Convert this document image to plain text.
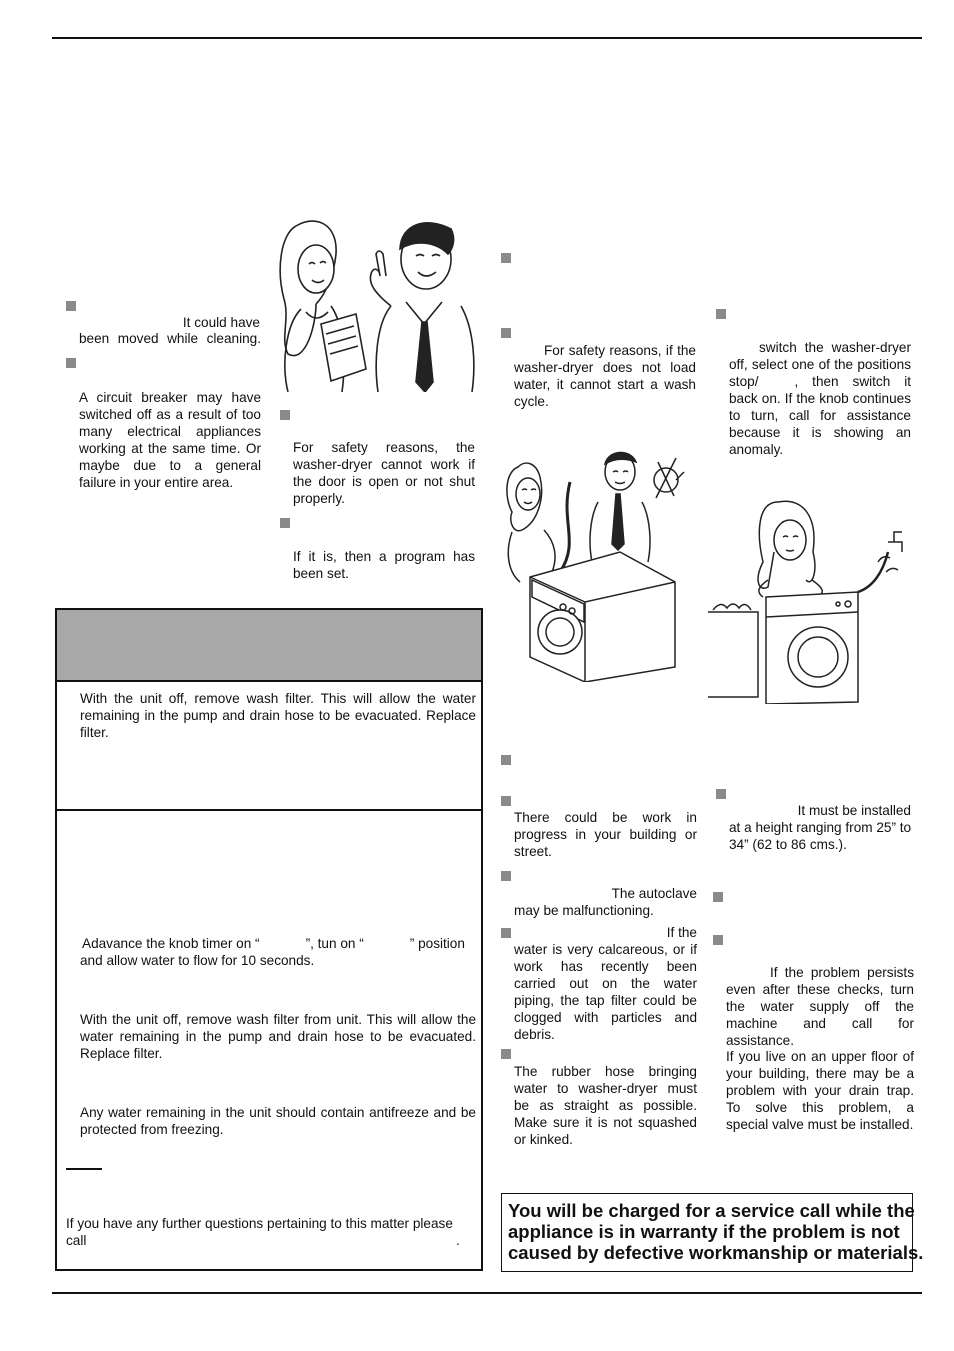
It could have
been moved while cleaning.
A circuit breaker may have switched off as a result of too many electrical appliances working at the same time. Or maybe due to a general failure in your entire area.
For safety reasons, the washer-dryer cannot work if the door is open or not shut properly.
If it is, then a program has been set.
With the unit off, remove wash filter. This will allow the water remaining in the pump and drain hose to be evacuated. Replace filter.
Adavance the knob timer on “	”, tun on “	” position
and allow water to flow for 10 seconds.
With the unit off, remove wash filter from unit. This will allow the water remaining in the pump and drain hose to be evacuated. Replace filter.
Any water remaining in the unit should contain antifreeze and be protected from freezing.
If you have any further questions pertaining to this matter please
call	.
For safety reasons, if the washer-dryer does not load water, it cannot start a wash cycle.
switch the washer-dryer off, select one of the positions stop/	, then switch it back on. If the knob continues to turn, call for assistance because it is showing an anomaly.
There could be work in progress in your building or street.
The autoclave
may be malfunctioning.
If the
water is very calcareous, or if work has recently been carried out on the water piping, the tap filter could be clogged with particles and debris.
The rubber hose bringing water to washer-dryer must be as straight as possible. Make sure it is not squashed or kinked.
It must be installed
at a height ranging from 25” to 34” (62 to 86 cms.).
If the problem persists even after these checks, turn the water supply off the machine and call for assistance.
If you live on an upper floor of your building, there may be a problem with your drain trap. To solve this problem, a special valve must be installed.
You will be charged for a service call while the
appliance is in warranty if the problem is not
caused by defective workmanship or materials.
